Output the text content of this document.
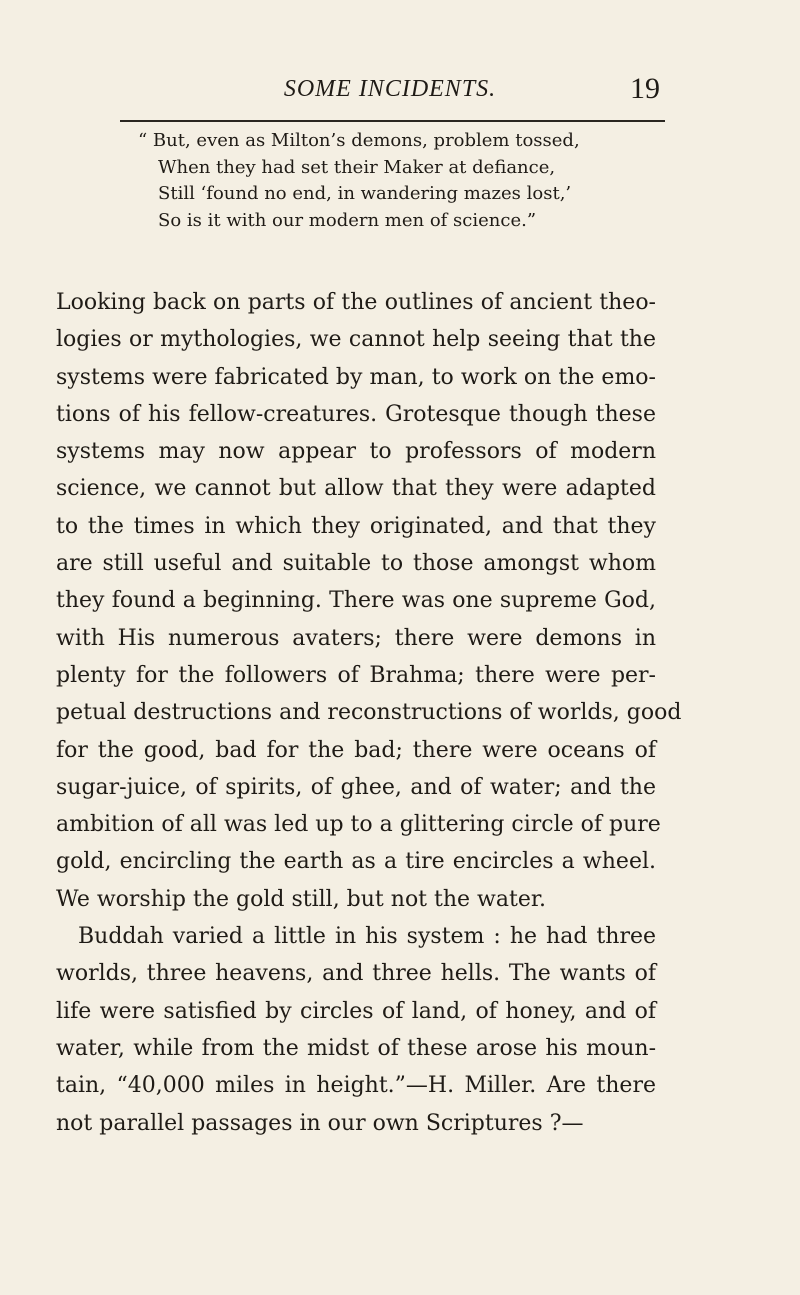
SOME INCIDENTS.	19
“ But, even as Milton’s demons, problem tossed,
When they had set their Maker at defiance,
Still ‘found no end, in wandering mazes lost,’
So is it with our modern men of science.”
Looking back on parts of the outlines of ancient theo-
logies or mythologies, we cannot help seeing that the
systems were fabricated by man, to work on the emo-
tions of his fellow-creatures. Grotesque though these
systems may now appear to professors of modern
science, we cannot but allow that they were adapted
to the times in which they originated, and that they
are still useful and suitable to those amongst whom
they found a beginning. There was one supreme God,
with His numerous avaters; there were demons in
plenty for the followers of Brahma; there were per-
petual destructions and reconstructions of worlds, good
for the good, bad for the bad; there were oceans of
sugar-juice, of spirits, of ghee, and of water; and the
ambition of all was led up to a glittering circle of pure
gold, encircling the earth as a tire encircles a wheel.
We worship the gold still, but not the water.
Buddah varied a little in his system : he had three
worlds, three heavens, and three hells. The wants of
life were satisfied by circles of land, of honey, and of
water, while from the midst of these arose his moun-
tain, “40,000 miles in height.”—H. Miller. Are there
not parallel passages in our own Scriptures ?—
